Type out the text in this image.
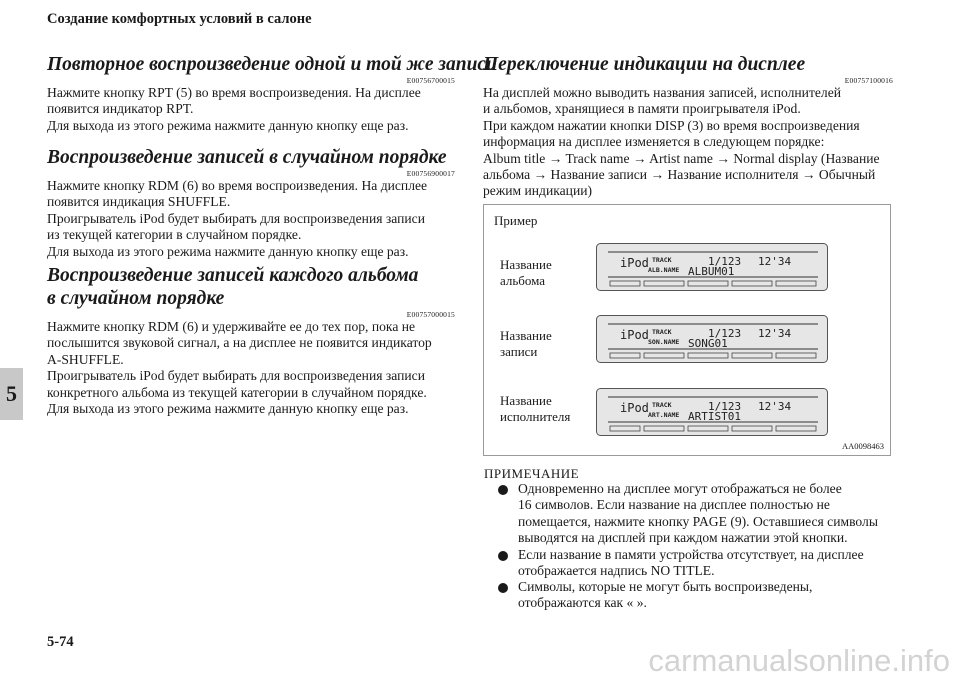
Создание комфортных условий в салоне
5
Повторное воспроизведение одной и той же записи
E00756700015
Нажмите кнопку RPT (5) во время воспроизведения. На дисплее
появится индикатор RPT.
Для выхода из этого режима нажмите данную кнопку еще раз.
Воспроизведение записей в случайном порядке
E00756900017
Нажмите кнопку RDM (6) во время воспроизведения. На дисплее
появится индикация SHUFFLE.
Проигрыватель iPod будет выбирать для воспроизведения записи
из текущей категории в случайном порядке.
Для выхода из этого режима нажмите данную кнопку еще раз.
Воспроизведение записей каждого альбома
в случайном порядке
E00757000015
Нажмите кнопку RDM (6) и удерживайте ее до тех пор, пока не
послышится звуковой сигнал, а на дисплее не появится индикатор
A-SHUFFLE.
Проигрыватель iPod будет выбирать для воспроизведения записи
конкретного альбома из текущей категории в случайном порядке.
Для выхода из этого режима нажмите данную кнопку еще раз.
Переключение индикации на дисплее
E00757100016
На дисплей можно выводить названия записей, исполнителей
и альбомов, хранящиеся в памяти проигрывателя iPod.
При каждом нажатии кнопки DISP (3) во время воспроизведения
информация на дисплее изменяется в следующем порядке:
Album title → Track name → Artist name → Normal display (Название
альбома → Название записи → Название исполнителя → Обычный
режим индикации)
Пример
Название
альбома
iPod TRACK
ALB.NAME
1/123 12'34
ALBUM01
Название
записи
iPod TRACK
SON.NAME
1/123 12'34
SONG01
Название
исполнителя
iPod TRACK
ART.NAME
1/123 12'34
ARTIST01
AA0098463
ПРИМЕЧАНИЕ
Одновременно на дисплее могут отображаться не более
16 символов. Если название на дисплее полностью не
помещается, нажмите кнопку PAGE (9). Оставшиеся символы
выводятся на дисплей при каждом нажатии этой кнопки.
Если название в памяти устройства отсутствует, на дисплее
отображается надпись NO TITLE.
Символы, которые не могут быть воспроизведены,
отображаются как « ».
5-74
carmanualsonline.info
